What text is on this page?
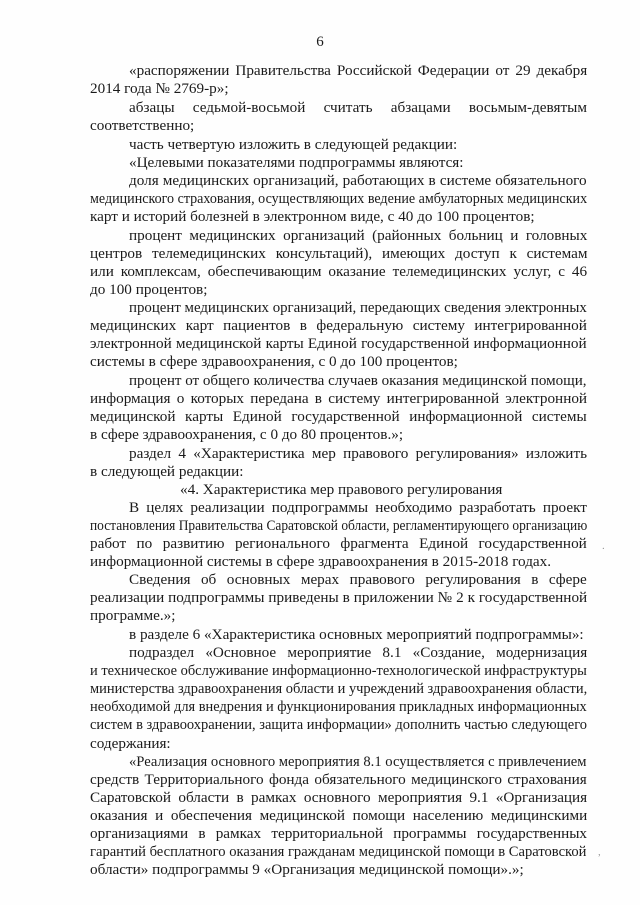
6
«распоряжении Правительства Российской Федерации от 29 декабря
2014 года № 2769-р»;
абзацы седьмой-восьмой считать абзацами восьмым-девятым
соответственно;
часть четвертую изложить в следующей редакции:
«Целевыми показателями подпрограммы являются:
доля медицинских организаций, работающих в системе обязательного
медицинского страхования, осуществляющих ведение амбулаторных медицинских
карт и историй болезней в электронном виде, с 40 до 100 процентов;
процент медицинских организаций (районных больниц и головных
центров телемедицинских консультаций), имеющих доступ к системам
или комплексам, обеспечивающим оказание телемедицинских услуг, с 46
до 100 процентов;
процент медицинских организаций, передающих сведения электронных
медицинских карт пациентов в федеральную систему интегрированной
электронной медицинской карты Единой государственной информационной
системы в сфере здравоохранения, с 0 до 100 процентов;
процент от общего количества случаев оказания медицинской помощи,
информация о которых передана в систему интегрированной электронной
медицинской карты Единой государственной информационной системы
в сфере здравоохранения, с 0 до 80 процентов.»;
раздел 4 «Характеристика мер правового регулирования» изложить
в следующей редакции:
«4. Характеристика мер правового регулирования
В целях реализации подпрограммы необходимо разработать проект
постановления Правительства Саратовской области, регламентирующего организацию
работ по развитию регионального фрагмента Единой государственной
информационной системы в сфере здравоохранения в 2015-2018 годах.
Сведения об основных мерах правового регулирования в сфере
реализации подпрограммы приведены в приложении № 2 к государственной
программе.»;
в разделе 6 «Характеристика основных мероприятий подпрограммы»:
подраздел «Основное мероприятие 8.1 «Создание, модернизация
и техническое обслуживание информационно-технологической инфраструктуры
министерства здравоохранения области и учреждений здравоохранения области,
необходимой для внедрения и функционирования прикладных информационных
систем в здравоохранении, защита информации» дополнить частью следующего
содержания:
«Реализация основного мероприятия 8.1 осуществляется с привлечением
средств Территориального фонда обязательного медицинского страхования
Саратовской области в рамках основного мероприятия 9.1 «Организация
оказания и обеспечения медицинской помощи населению медицинскими
организациями в рамках территориальной программы государственных
гарантий бесплатного оказания гражданам медицинской помощи в Саратовской
области» подпрограммы 9 «Организация медицинской помощи».»;
.
,
